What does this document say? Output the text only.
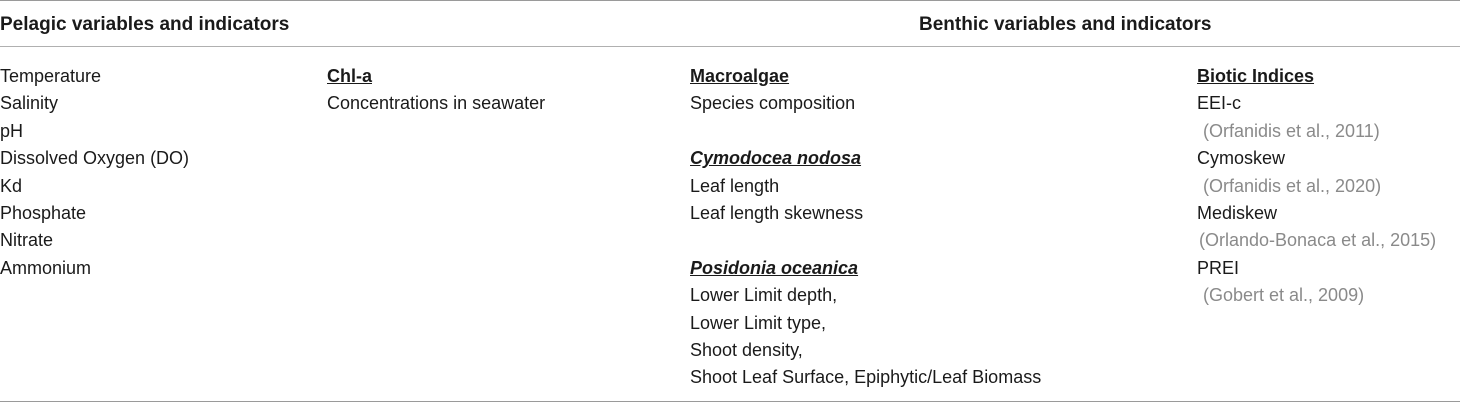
Pelagic variables and indicators	Benthic variables and indicators
Temperature
Salinity
pH
Dissolved Oxygen (DO)
Kd
Phosphate
Nitrate
Ammonium
Chl-a
Concentrations in seawater
Macroalgae
Species composition
Cymodocea nodosa
Leaf length
Leaf length skewness
Posidonia oceanica
Lower Limit depth,
Lower Limit type,
Shoot density,
Shoot Leaf Surface, Epiphytic/Leaf Biomass
Biotic Indices
EEI-c
(Orfanidis et al., 2011)
Cymoskew
(Orfanidis et al., 2020)
Mediskew
(Orlando-Bonaca et al., 2015)
PREI
(Gobert et al., 2009)
